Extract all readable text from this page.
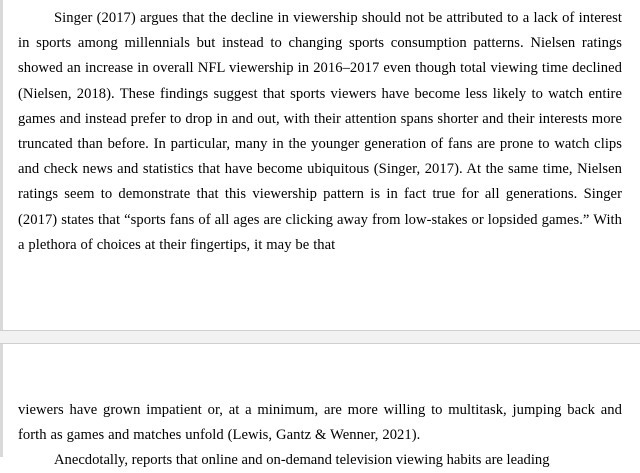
Singer (2017) argues that the decline in viewership should not be attributed to a lack of interest in sports among millennials but instead to changing sports consumption patterns. Nielsen ratings showed an increase in overall NFL viewership in 2016–2017 even though total viewing time declined (Nielsen, 2018). These findings suggest that sports viewers have become less likely to watch entire games and instead prefer to drop in and out, with their attention spans shorter and their interests more truncated than before. In particular, many in the younger generation of fans are prone to watch clips and check news and statistics that have become ubiquitous (Singer, 2017). At the same time, Nielsen ratings seem to demonstrate that this viewership pattern is in fact true for all generations. Singer (2017) states that “sports fans of all ages are clicking away from low-stakes or lopsided games.” With a plethora of choices at their fingertips, it may be that

viewers have grown impatient or, at a minimum, are more willing to multitask, jumping back and forth as games and matches unfold (Lewis, Gantz & Wenner, 2021).

Anecdotally, reports that online and on-demand television viewing habits are leading
